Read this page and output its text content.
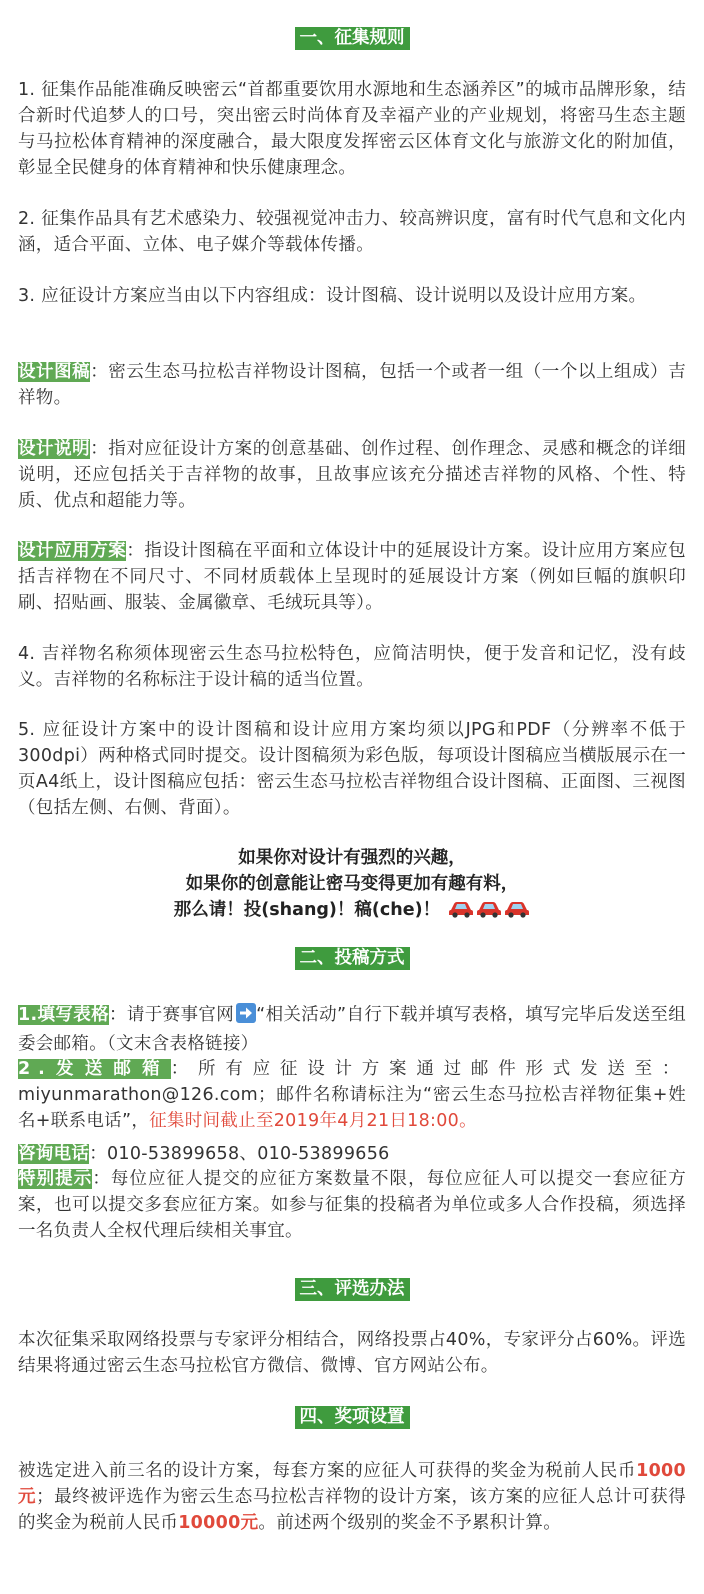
一、征集规则

1. 征集作品能准确反映密云“首都重要饮用水源地和生态涵养区”的城市品牌形象，结合新时代追梦人的口号，突出密云时尚体育及幸福产业的产业规划，将密马生态主题与马拉松体育精神的深度融合，最大限度发挥密云区体育文化与旅游文化的附加值，彰显全民健身的体育精神和快乐健康理念。

2. 征集作品具有艺术感染力、较强视觉冲击力、较高辨识度，富有时代气息和文化内涵，适合平面、立体、电子媒介等载体传播。

3. 应征设计方案应当由以下内容组成：设计图稿、设计说明以及设计应用方案。

设计图稿：密云生态马拉松吉祥物设计图稿，包括一个或者一组（一个以上组成）吉祥物。

设计说明：指对应征设计方案的创意基础、创作过程、创作理念、灵感和概念的详细说明，还应包括关于吉祥物的故事，且故事应该充分描述吉祥物的风格、个性、特质、优点和超能力等。

设计应用方案：指设计图稿在平面和立体设计中的延展设计方案。设计应用方案应包括吉祥物在不同尺寸、不同材质载体上呈现时的延展设计方案（例如巨幅的旗帜印刷、招贴画、服装、金属徽章、毛绒玩具等）。

4. 吉祥物名称须体现密云生态马拉松特色，应简洁明快，便于发音和记忆，没有歧义。吉祥物的名称标注于设计稿的适当位置。

5. 应征设计方案中的设计图稿和设计应用方案均须以JPG和PDF（分辨率不低于300dpi）两种格式同时提交。设计图稿须为彩色版，每项设计图稿应当横版展示在一页A4纸上，设计图稿应包括：密云生态马拉松吉祥物组合设计图稿、正面图、三视图（包括左侧、右侧、背面）。

如果你对设计有强烈的兴趣，
如果你的创意能让密马变得更加有趣有料，
那么请！投(shang)！稿(che)！
二、投稿方式

1.填写表格：请于赛事官网 “相关活动”自行下载并填写表格，填写完毕后发送至组委会邮箱。（文末含表格链接）

2.发送邮箱：所有应征设计方案通过邮件形式发送至：miyunmarathon@126.com；邮件名称请标注为“密云生态马拉松吉祥物征集+姓名+联系电话”，征集时间截止至2019年4月21日18:00。

咨询电话：010-53899658、010-53899656

特别提示：每位应征人提交的应征方案数量不限，每位应征人可以提交一套应征方案，也可以提交多套应征方案。如参与征集的投稿者为单位或多人合作投稿，须选择一名负责人全权代理后续相关事宜。

三、评选办法

本次征集采取网络投票与专家评分相结合，网络投票占40%，专家评分占60%。评选结果将通过密云生态马拉松官方微信、微博、官方网站公布。

四、奖项设置

被选定进入前三名的设计方案，每套方案的应征人可获得的奖金为税前人民币1000元；最终被评选作为密云生态马拉松吉祥物的设计方案，该方案的应征人总计可获得的奖金为税前人民币10000元。前述两个级别的奖金不予累积计算。
